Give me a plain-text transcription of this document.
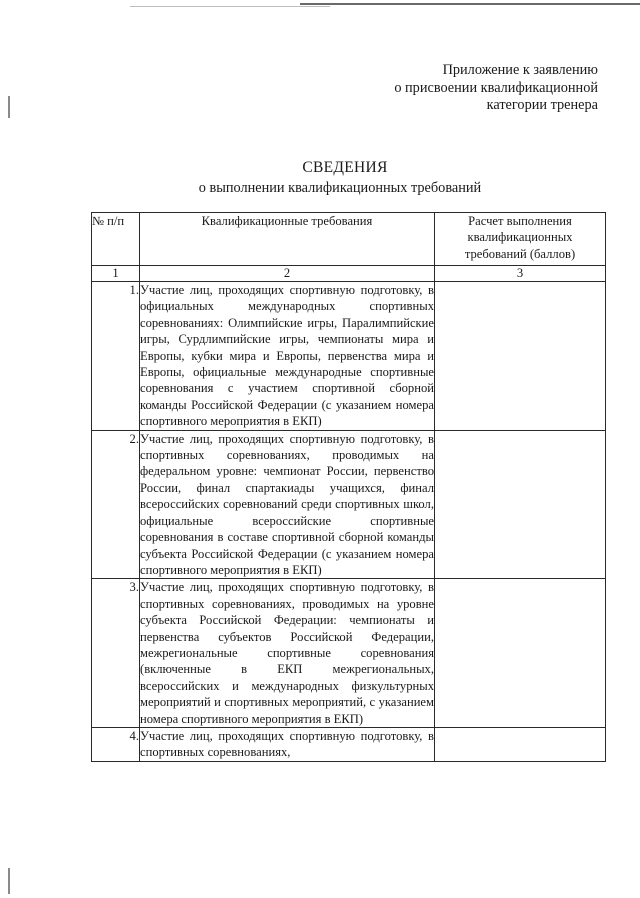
Приложение к заявлению
о присвоении квалификационной
категории тренера
СВЕДЕНИЯ
о выполнении квалификационных требований
№ п/п	Квалификационные требования	Расчет выполнения квалификационных требований (баллов)
1	2	3
1.	Участие лиц, проходящих спортивную подготовку, в официальных международных спортивных соревнованиях: Олимпийские игры, Паралимпийские игры, Сурдлимпийские игры, чемпионаты мира и Европы, кубки мира и Европы, первенства мира и Европы, официальные международные спортивные соревнования с участием спортивной сборной команды Российской Федерации (с указанием номера спортивного мероприятия в ЕКП)	
2.	Участие лиц, проходящих спортивную подготовку, в спортивных соревнованиях, проводимых на федеральном уровне: чемпионат России, первенство России, финал спартакиады учащихся, финал всероссийских соревнований среди спортивных школ, официальные всероссийские спортивные соревнования в составе спортивной сборной команды субъекта Российской Федерации (с указанием номера спортивного мероприятия в ЕКП)	
3.	Участие лиц, проходящих спортивную подготовку, в спортивных соревнованиях, проводимых на уровне субъекта Российской Федерации: чемпионаты и первенства субъектов Российской Федерации, межрегиональные спортивные соревнования (включенные в ЕКП межрегиональных, всероссийских и международных физкультурных мероприятий и спортивных мероприятий, с указанием номера спортивного мероприятия в ЕКП)	
4.	Участие лиц, проходящих спортивную подготовку, в спортивных соревнованиях,	
